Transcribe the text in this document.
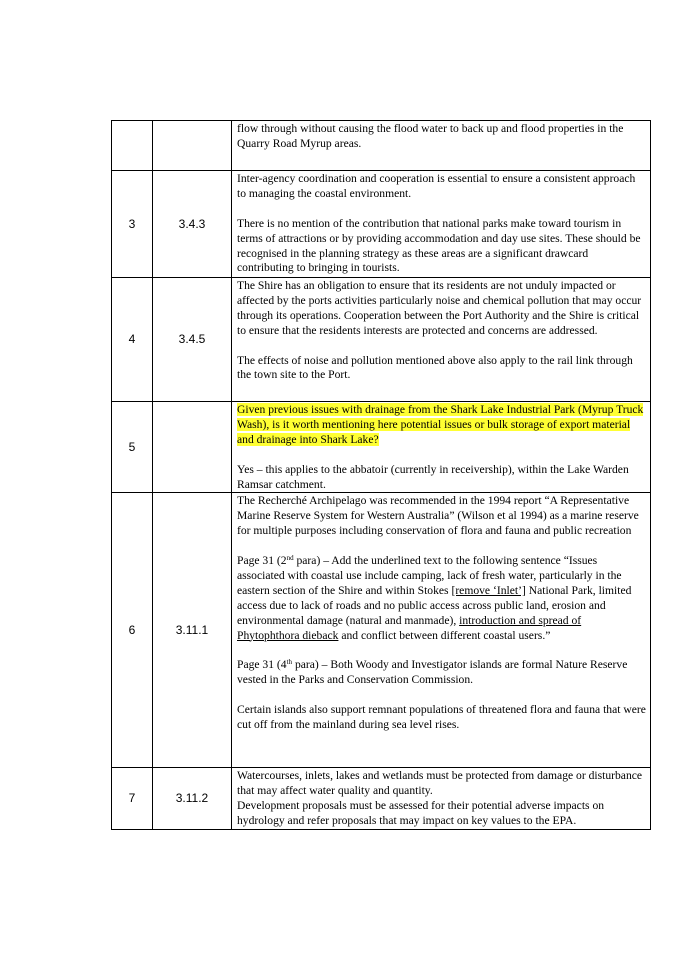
		flow through without causing the flood water to back up and flood properties in the Quarry Road Myrup areas.

3	3.4.3	Inter-agency coordination and cooperation is essential to ensure a consistent approach to managing the coastal environment.

There is no mention of the contribution that national parks make toward tourism in terms of attractions or by providing accommodation and day use sites. These should be recognised in the planning strategy as these areas are a significant drawcard contributing to bringing in tourists.

4	3.4.5	The Shire has an obligation to ensure that its residents are not unduly impacted or affected by the ports activities particularly noise and chemical pollution that may occur through its operations. Cooperation between the Port Authority and the Shire is critical to ensure that the residents interests are protected and concerns are addressed.

The effects of noise and pollution mentioned above also apply to the rail link through the town site to the Port.

5		Given previous issues with drainage from the Shark Lake Industrial Park (Myrup Truck Wash), is it worth mentioning here potential issues or bulk storage of export material and drainage into Shark Lake?

Yes – this applies to the abbatoir (currently in receivership), within the Lake Warden Ramsar catchment.

6	3.11.1	The Recherché Archipelago was recommended in the 1994 report “A Representative Marine Reserve System for Western Australia” (Wilson et al 1994) as a marine reserve for multiple purposes including conservation of flora and fauna and public recreation

Page 31 (2nd para) – Add the underlined text to the following sentence “Issues associated with coastal use include camping, lack of fresh water, particularly in the eastern section of the Shire and within Stokes [remove ‘Inlet’] National Park, limited access due to lack of roads and no public access across public land, erosion and environmental damage (natural and manmade), introduction and spread of Phytophthora dieback and conflict between different coastal users.”

Page 31 (4th para) – Both Woody and Investigator islands are formal Nature Reserve vested in the Parks and Conservation Commission.

Certain islands also support remnant populations of threatened flora and fauna that were cut off from the mainland during sea level rises.

7	3.11.2	Watercourses, inlets, lakes and wetlands must be protected from damage or disturbance that may affect water quality and quantity.
Development proposals must be assessed for their potential adverse impacts on hydrology and refer proposals that may impact on key values to the EPA.
